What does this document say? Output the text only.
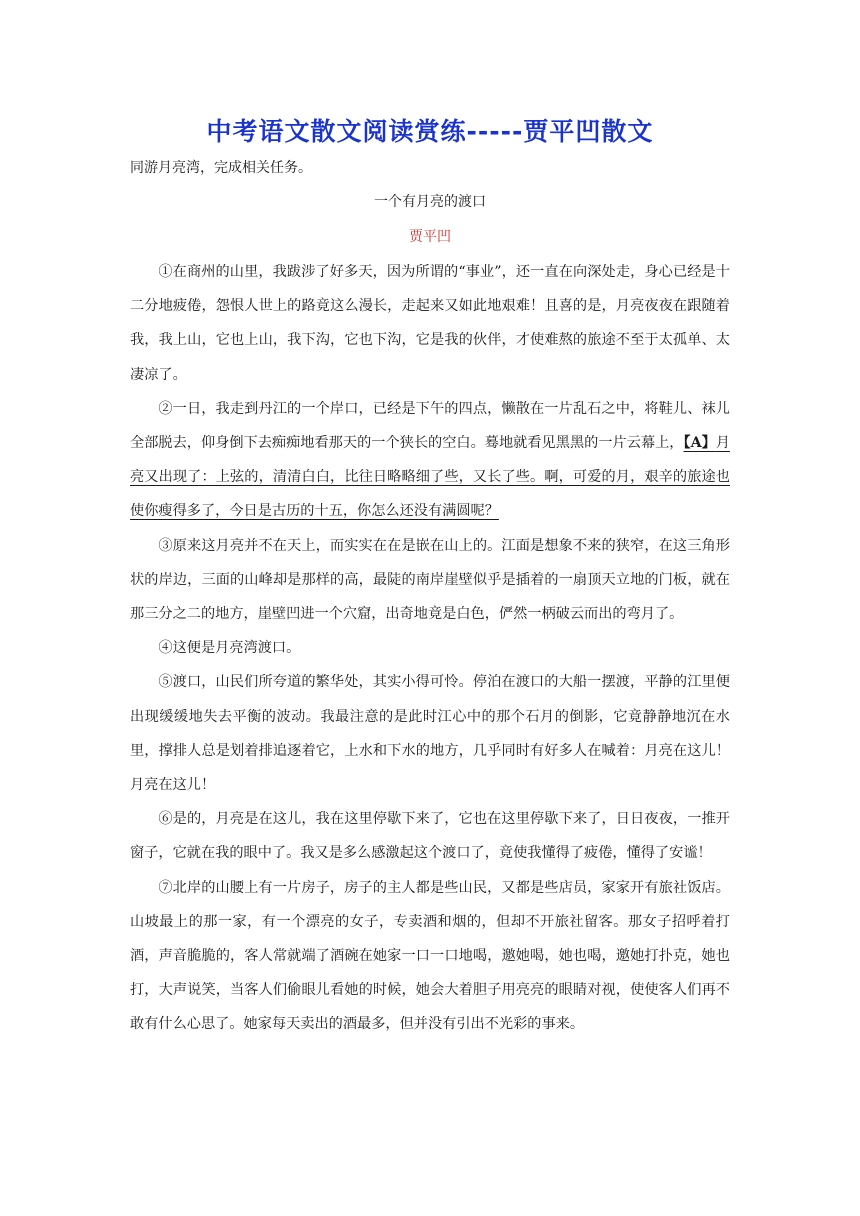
中考语文散文阅读赏练-----贾平凹散文
同游月亮湾，完成相关任务。
一个有月亮的渡口
贾平凹

①在商州的山里，我跋涉了好多天，因为所谓的“事业”，还一直在向深处走，身心已经是十二分地疲倦，怨恨人世上的路竟这么漫长，走起来又如此地艰难！且喜的是，月亮夜夜在跟随着我，我上山，它也上山，我下沟，它也下沟，它是我的伙伴，才使难熬的旅途不至于太孤单、太凄凉了。

②一日，我走到丹江的一个岸口，已经是下午的四点，懒散在一片乱石之中，将鞋儿、袜儿全部脱去，仰身倒下去痴痴地看那天的一个狭长的空白。蓦地就看见黑黑的一片云幕上，【A】月亮又出现了：上弦的，清清白白，比往日略略细了些，又长了些。啊，可爱的月，艰辛的旅途也使你瘦得多了，今日是古历的十五，你怎么还没有满圆呢？

③原来这月亮并不在天上，而实实在在是嵌在山上的。江面是想象不来的狭窄，在这三角形状的岸边，三面的山峰却是那样的高，最陡的南岸崖壁似乎是插着的一扇顶天立地的门板，就在那三分之二的地方，崖壁凹进一个穴窟，出奇地竟是白色，俨然一柄破云而出的弯月了。

④这便是月亮湾渡口。

⑤渡口，山民们所夸道的繁华处，其实小得可怜。停泊在渡口的大船一摆渡，平静的江里便出现缓缓地失去平衡的波动。我最注意的是此时江心中的那个石月的倒影，它竟静静地沉在水里，撑排人总是划着排追逐着它，上水和下水的地方，几乎同时有好多人在喊着：月亮在这儿！月亮在这儿！

⑥是的，月亮是在这儿，我在这里停歇下来了，它也在这里停歇下来了，日日夜夜，一推开窗子，它就在我的眼中了。我又是多么感激起这个渡口了，竟使我懂得了疲倦，懂得了安谧！

⑦北岸的山腰上有一片房子，房子的主人都是些山民，又都是些店员，家家开有旅社饭店。山坡最上的那一家，有一个漂亮的女子，专卖酒和烟的，但却不开旅社留客。那女子招呼着打酒，声音脆脆的，客人常就端了酒碗在她家一口一口地喝，邀她喝，她也喝，邀她打扑克，她也打，大声说笑，当客人们偷眼儿看她的时候，她会大着胆子用亮亮的眼睛对视，使使客人们再不敢有什么心思了。她家每天卖出的酒最多，但并没有引出不光彩的事来。
